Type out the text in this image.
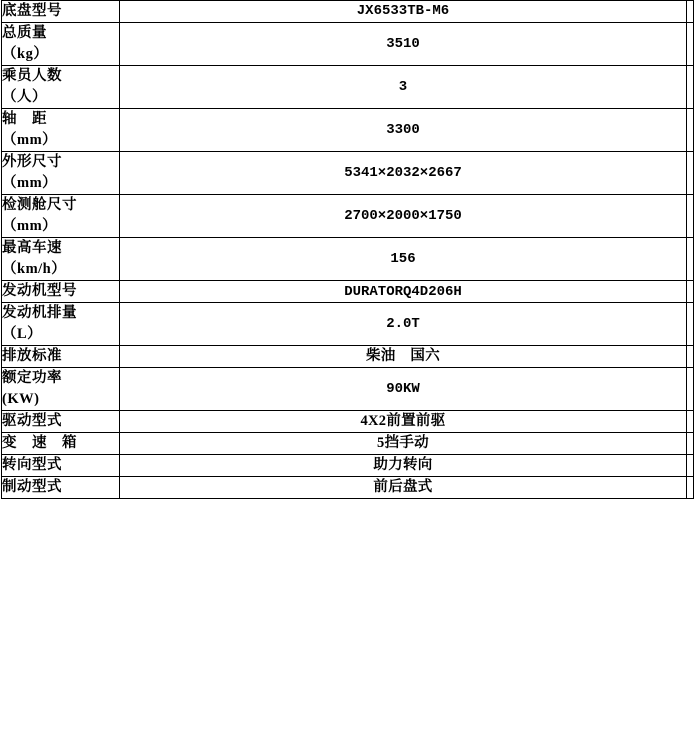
底盘型号	JX6533TB-M6	

总质量
（kg）	3510	

乘员人数
（人）	3	

轴　距
（mm）	3300	

外形尺寸
（mm）	5341×2032×2667	

检测舱尺寸
（mm）	2700×2000×1750	

最高车速
（km/h）	156	

发动机型号	DURATORQ4D206H	

发动机排量
（L）	2.0T	

排放标准	柴油　国六	

额定功率
(KW)	90KW	

驱动型式	4X2前置前驱	

变　速　箱	5挡手动	

转向型式	助力转向	

制动型式	前后盘式	
